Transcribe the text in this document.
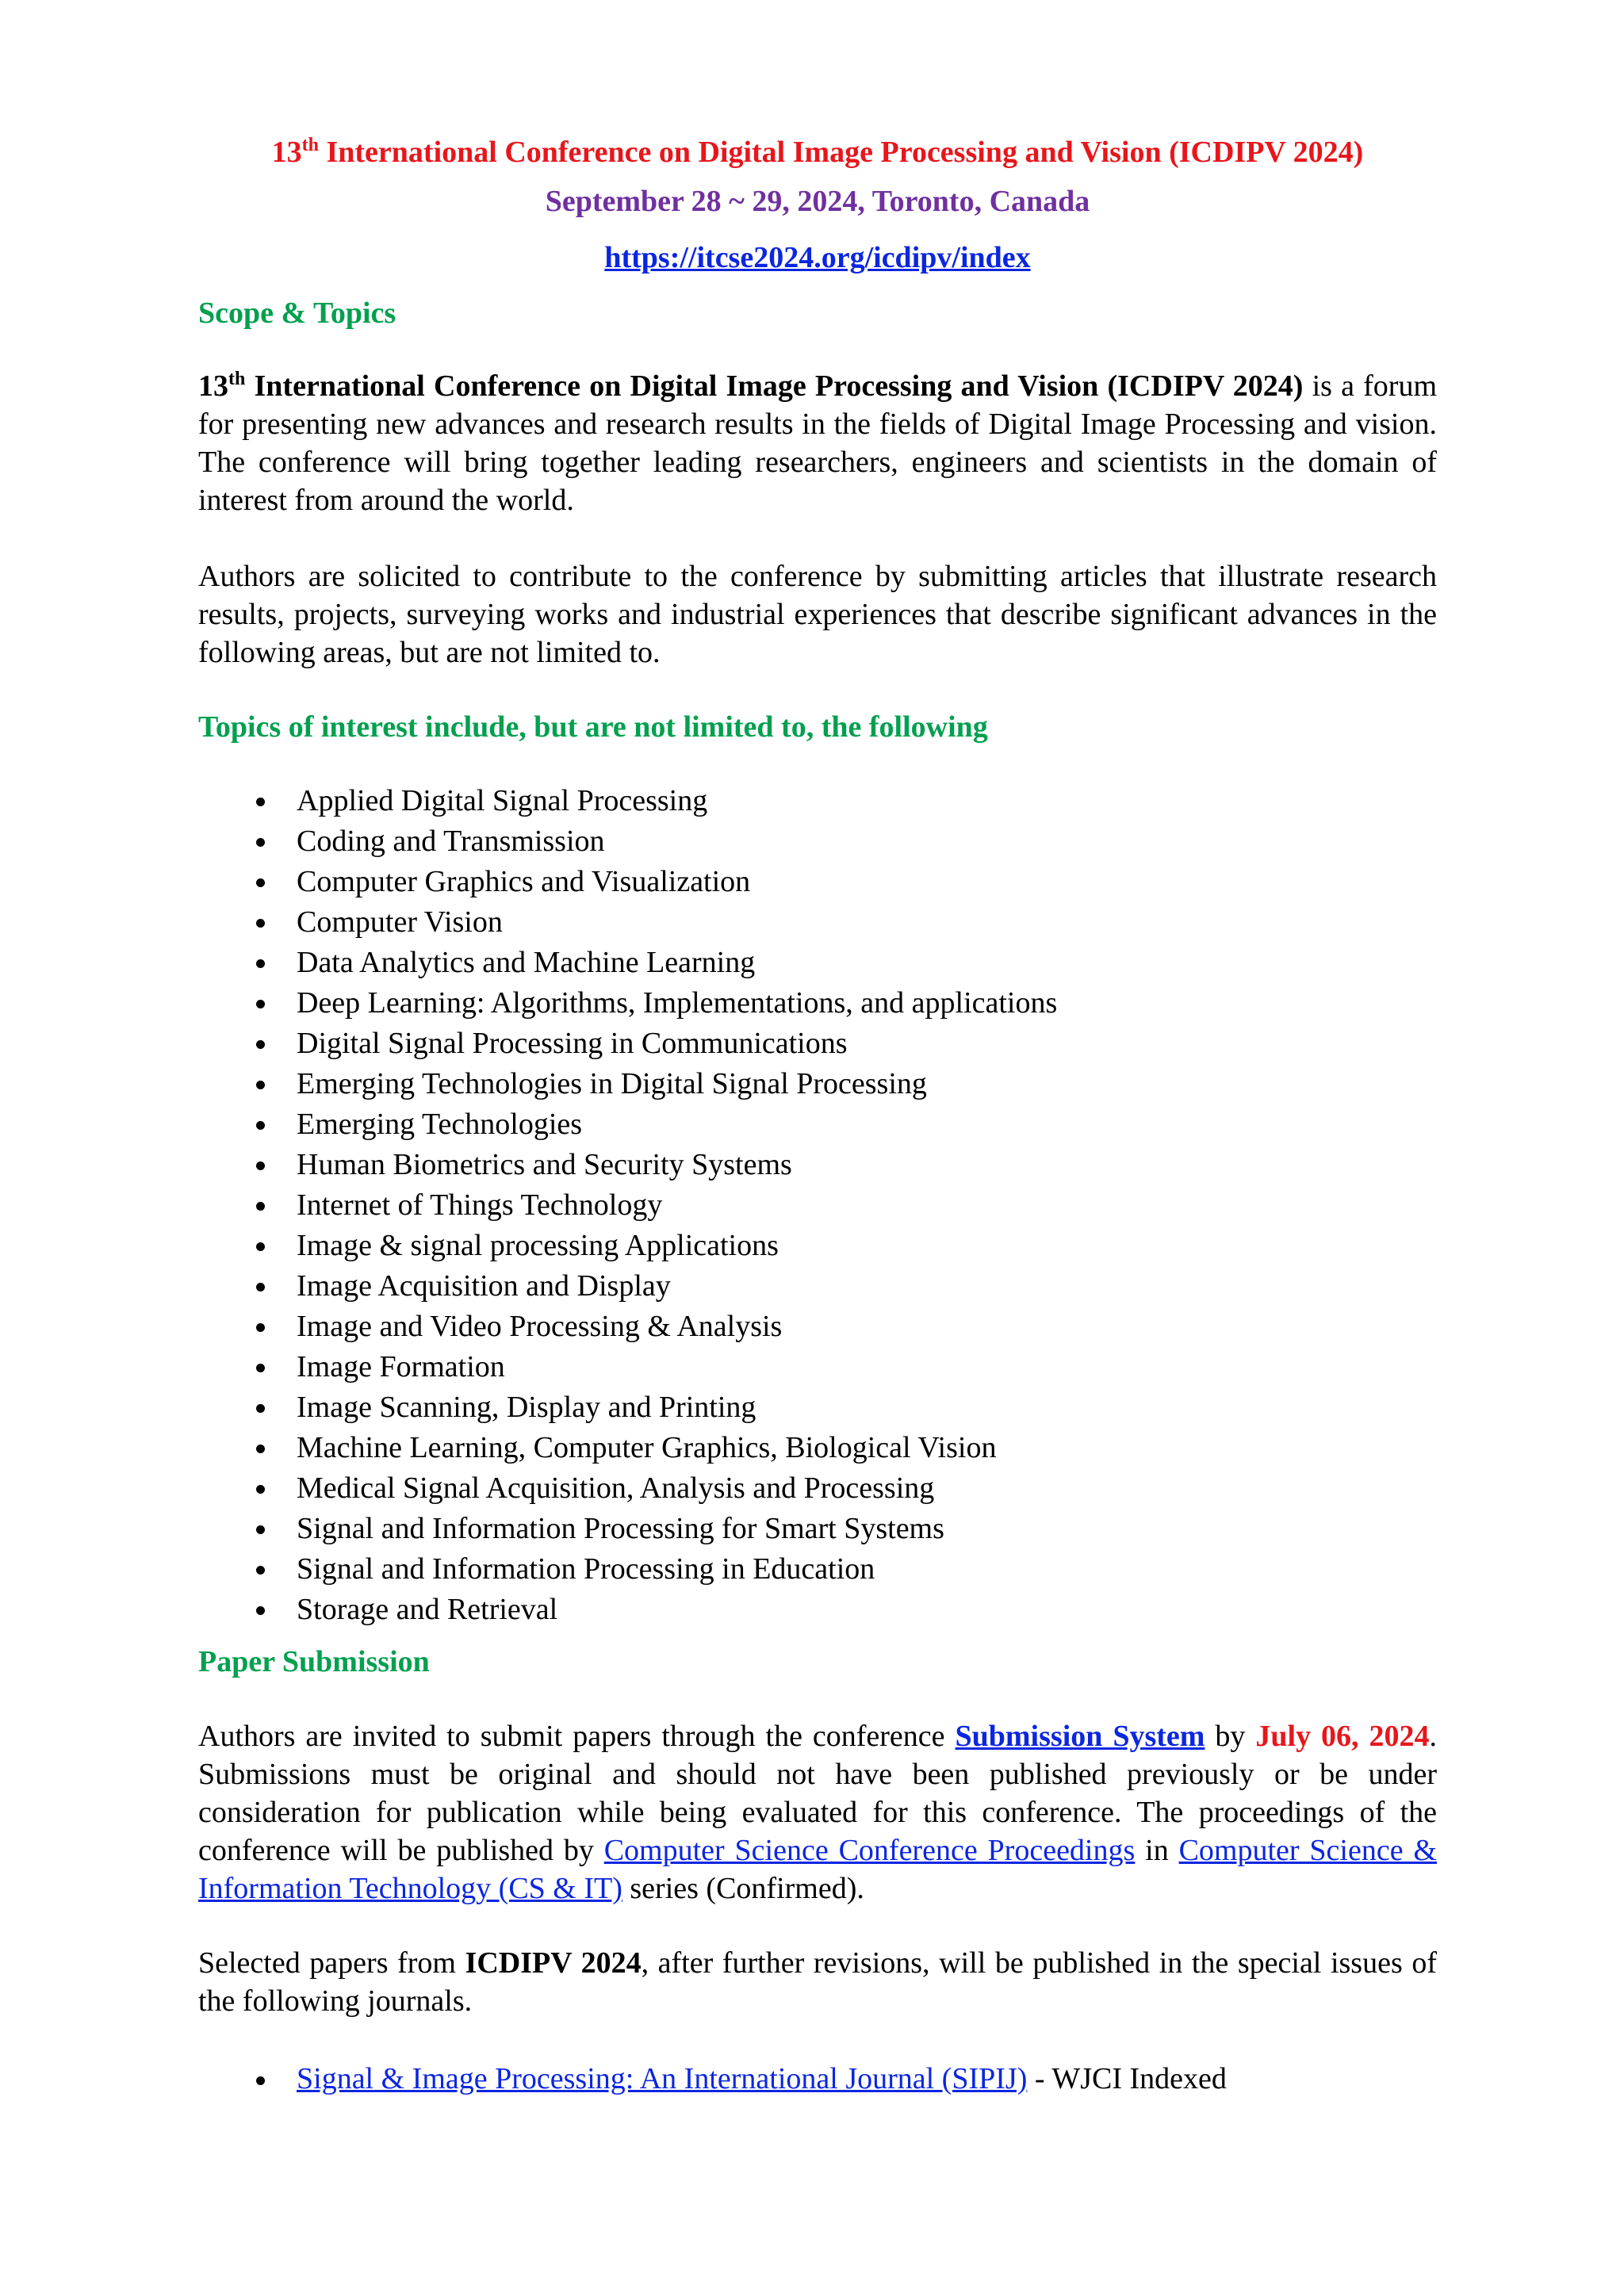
13th International Conference on Digital Image Processing and Vision (ICDIPV 2024)

September 28 ~ 29, 2024, Toronto, Canada

https://itcse2024.org/icdipv/index

Scope & Topics

13th International Conference on Digital Image Processing and Vision (ICDIPV 2024) is a forum for presenting new advances and research results in the fields of Digital Image Processing and vision. The conference will bring together leading researchers, engineers and scientists in the domain of interest from around the world.

Authors are solicited to contribute to the conference by submitting articles that illustrate research results, projects, surveying works and industrial experiences that describe significant advances in the following areas, but are not limited to.

Topics of interest include, but are not limited to, the following

Applied Digital Signal Processing
Coding and Transmission
Computer Graphics and Visualization
Computer Vision
Data Analytics and Machine Learning
Deep Learning: Algorithms, Implementations, and applications
Digital Signal Processing in Communications
Emerging Technologies in Digital Signal Processing
Emerging Technologies
Human Biometrics and Security Systems
Internet of Things Technology
Image & signal processing Applications
Image Acquisition and Display
Image and Video Processing & Analysis
Image Formation
Image Scanning, Display and Printing
Machine Learning, Computer Graphics, Biological Vision
Medical Signal Acquisition, Analysis and Processing
Signal and Information Processing for Smart Systems
Signal and Information Processing in Education
Storage and Retrieval

Paper Submission

Authors are invited to submit papers through the conference Submission System by July 06, 2024. Submissions must be original and should not have been published previously or be under consideration for publication while being evaluated for this conference. The proceedings of the conference will be published by Computer Science Conference Proceedings in Computer Science & Information Technology (CS & IT) series (Confirmed).

Selected papers from ICDIPV 2024, after further revisions, will be published in the special issues of the following journals.

Signal & Image Processing: An International Journal (SIPIJ) - WJCI Indexed
